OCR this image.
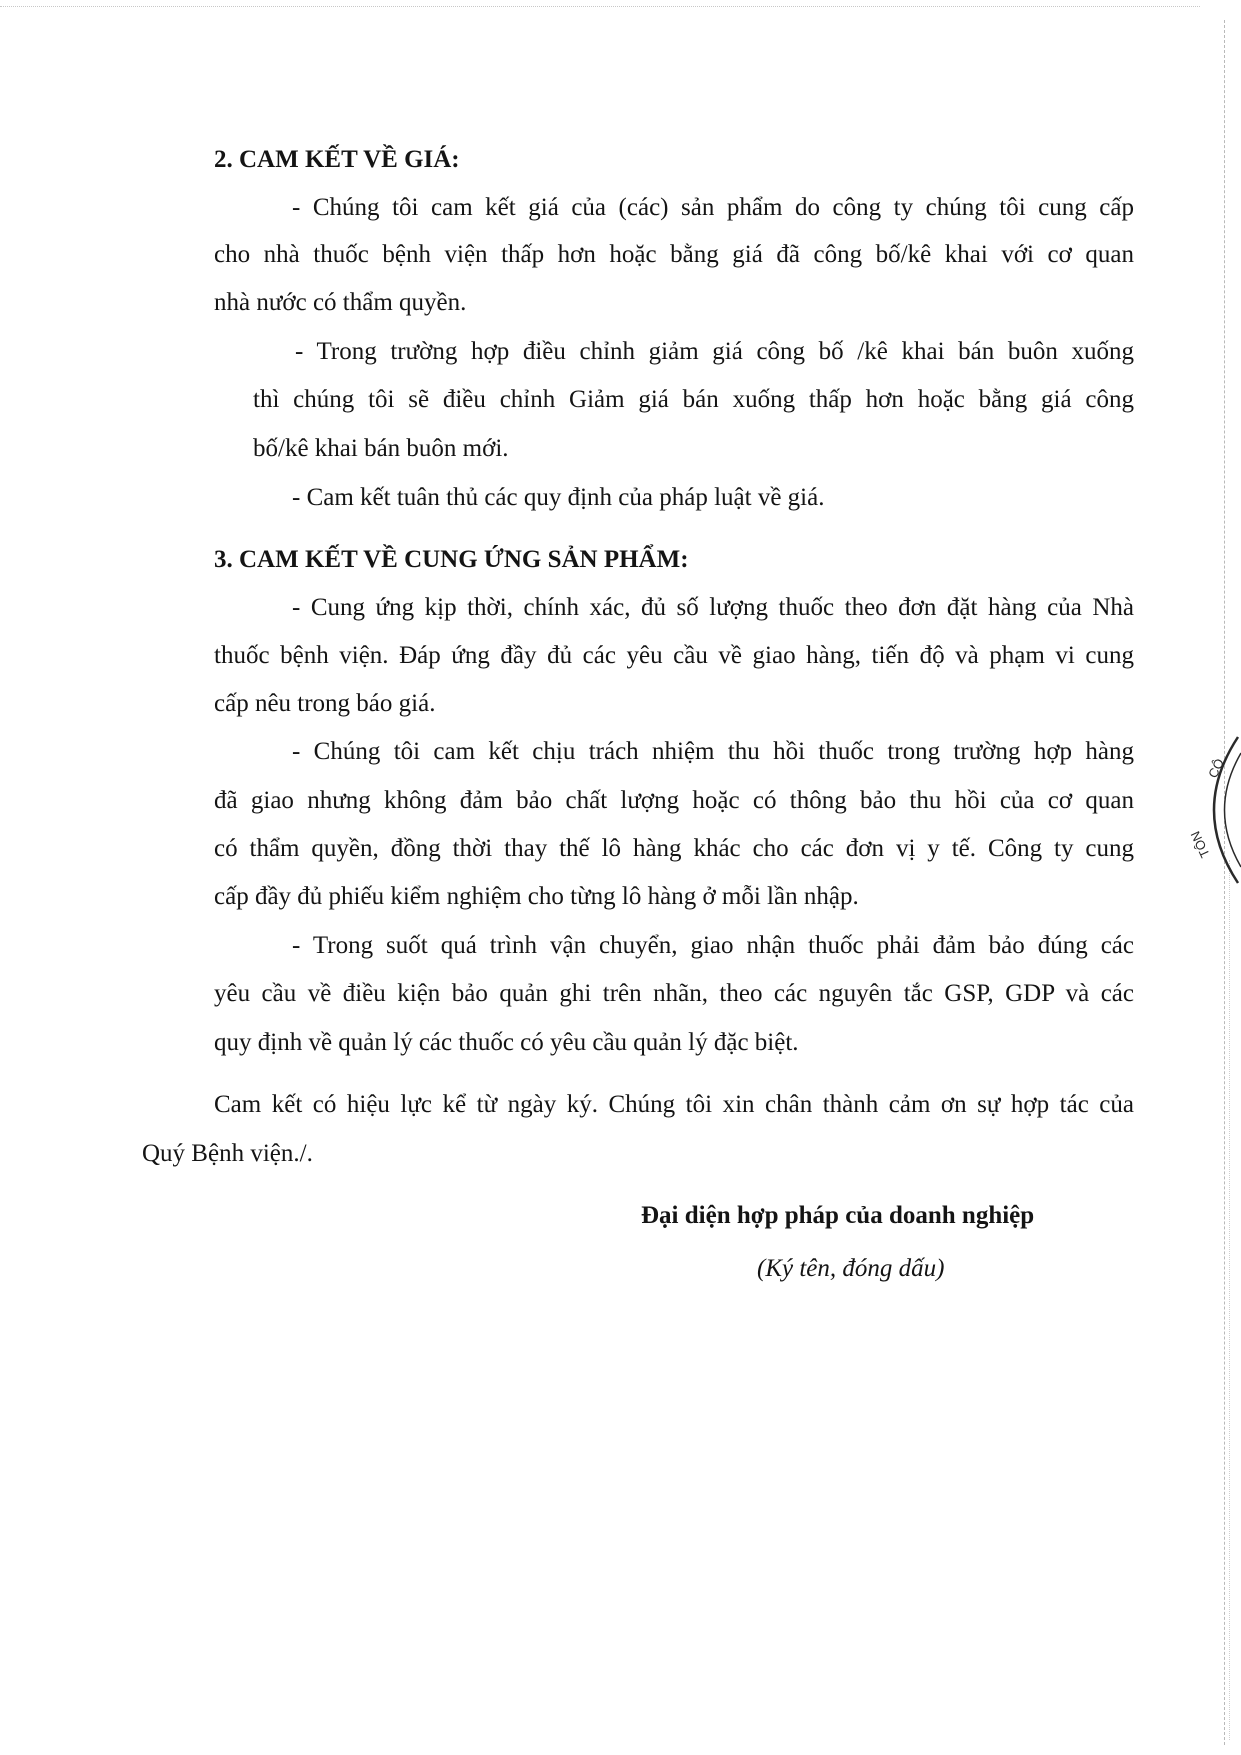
2. CAM KẾT VỀ GIÁ:
- Chúng tôi cam kết giá của (các) sản phẩm do công ty chúng tôi cung cấp
cho nhà thuốc bệnh viện thấp hơn hoặc bằng giá đã công bố/kê khai với cơ quan
nhà nước có thẩm quyền.
- Trong trường hợp điều chỉnh giảm giá công bố /kê khai bán buôn xuống
thì chúng tôi sẽ điều chỉnh Giảm giá bán xuống thấp hơn hoặc bằng giá công
bố/kê khai bán buôn mới.
- Cam kết tuân thủ các quy định của pháp luật về giá.
3. CAM KẾT VỀ CUNG ỨNG SẢN PHẨM:
- Cung ứng kịp thời, chính xác, đủ số lượng thuốc theo đơn đặt hàng của Nhà
thuốc bệnh viện. Đáp ứng đầy đủ các yêu cầu về giao hàng, tiến độ và phạm vi cung
cấp nêu trong báo giá.
- Chúng tôi cam kết chịu trách nhiệm thu hồi thuốc trong trường hợp hàng
đã giao nhưng không đảm bảo chất lượng hoặc có thông bảo thu hồi của cơ quan
có thẩm quyền, đồng thời thay thế lô hàng khác cho các đơn vị y tế. Công ty cung
cấp đầy đủ phiếu kiểm nghiệm cho từng lô hàng ở mỗi lần nhập.
- Trong suốt quá trình vận chuyển, giao nhận thuốc phải đảm bảo đúng các
yêu cầu về điều kiện bảo quản ghi trên nhãn, theo các nguyên tắc GSP, GDP và các
quy định về quản lý các thuốc có yêu cầu quản lý đặc biệt.
Cam kết có hiệu lực kể từ ngày ký. Chúng tôi xin chân thành cảm ơn sự hợp tác của
Quý Bệnh viện./.
Đại diện hợp pháp của doanh nghiệp
(Ký tên, đóng dấu)
CÔ
TÔN
